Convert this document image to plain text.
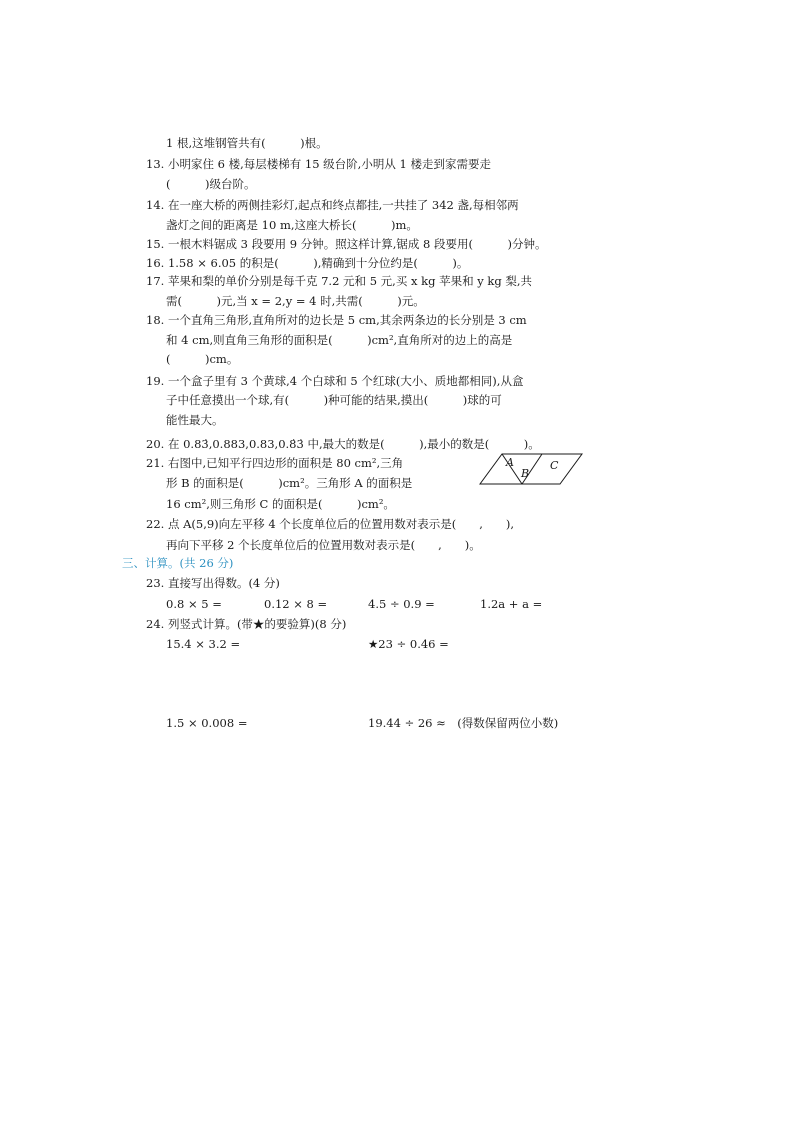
1 根,这堆钢管共有(　　　)根。
13. 小明家住 6 楼,每层楼梯有 15 级台阶,小明从 1 楼走到家需要走
(　　　)级台阶。
14. 在一座大桥的两侧挂彩灯,起点和终点都挂,一共挂了 342 盏,每相邻两
盏灯之间的距离是 10 m,这座大桥长(　　　)m。
15. 一根木料锯成 3 段要用 9 分钟。照这样计算,锯成 8 段要用(　　　)分钟。
16. 1.58 × 6.05 的积是(　　　),精确到十分位约是(　　　)。
17. 苹果和梨的单价分别是每千克 7.2 元和 5 元,买 x kg 苹果和 y kg 梨,共
需(　　　)元,当 x = 2,y = 4 时,共需(　　　)元。
18. 一个直角三角形,直角所对的边长是 5 cm,其余两条边的长分别是 3 cm
和 4 cm,则直角三角形的面积是(　　　)cm²,直角所对的边上的高是
(　　　)cm。
19. 一个盒子里有 3 个黄球,4 个白球和 5 个红球(大小、质地都相同),从盒
子中任意摸出一个球,有(　　　)种可能的结果,摸出(　　　)球的可
能性最大。
20. 在 0.83̇,0.883,0.83,0.8̇3̇ 中,最大的数是(　　　),最小的数是(　　　)。
21. 右图中,已知平行四边形的面积是 80 cm²,三角
形 B 的面积是(　　　)cm²。三角形 A 的面积是
16 cm²,则三角形 C 的面积是(　　　)cm²。
A
B
C
22. 点 A(5,9)向左平移 4 个长度单位后的位置用数对表示是(　　,　　),
再向下平移 2 个长度单位后的位置用数对表示是(　　,　　)。
三、计算。(共 26 分)
23. 直接写出得数。(4 分)
0.8 × 5 =	0.12 × 8 =	4.5 ÷ 0.9 =	1.2a + a =
24. 列竖式计算。(带★的要验算)(8 分)
15.4 × 3.2 =	★23 ÷ 0.46 =
1.5 × 0.008 =	19.44 ÷ 26 ≈　(得数保留两位小数)
